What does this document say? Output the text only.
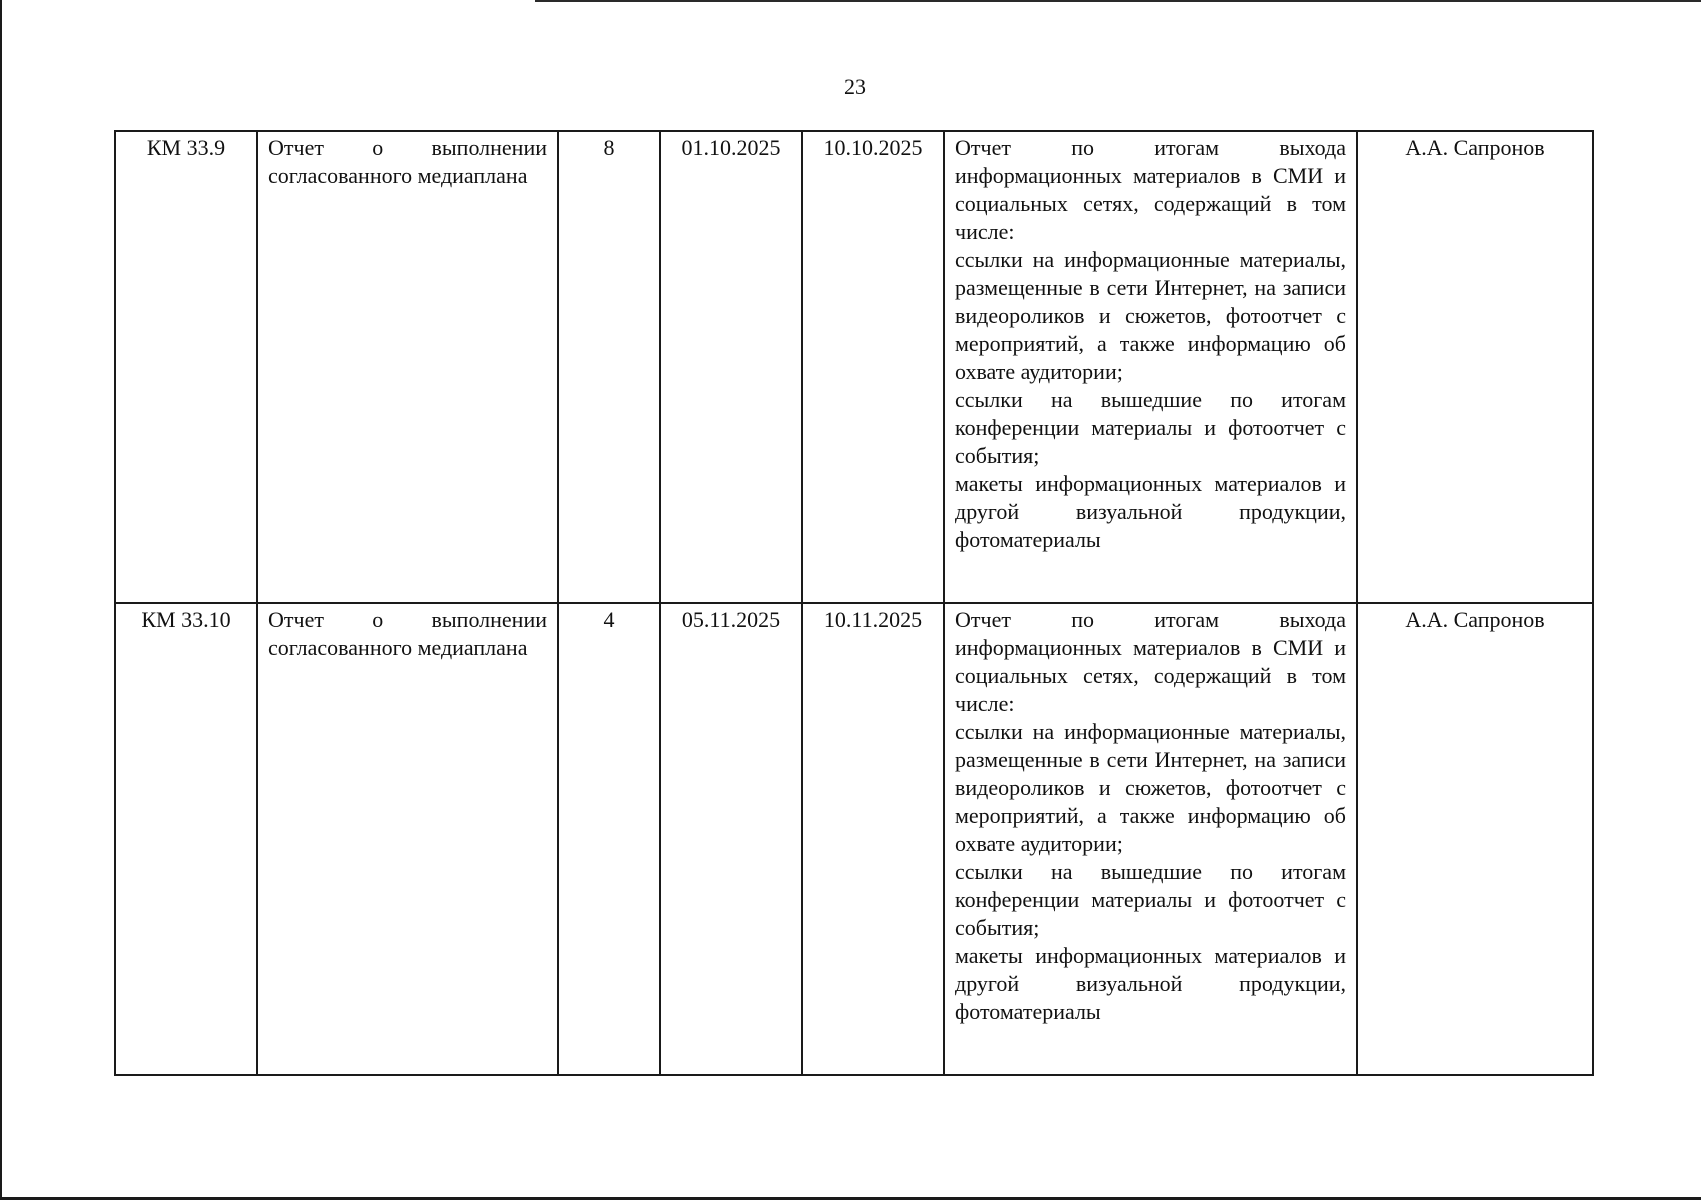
23
КМ 33.9	Отчет о выполнении согласованного медиаплана	8	01.10.2025	10.10.2025	Отчет по итогам выхода информационных материалов в СМИ и социальных сетях, содержащий в том числе:
ссылки на информационные материалы, размещенные в сети Интернет, на записи видеороликов и сюжетов, фотоотчет с мероприятий, а также информацию об охвате аудитории;
ссылки на вышедшие по итогам конференции материалы и фотоотчет с события;
макеты информационных материалов и другой визуальной продукции, фотоматериалы	А.А. Сапронов
КМ 33.10	Отчет о выполнении согласованного медиаплана	4	05.11.2025	10.11.2025	Отчет по итогам выхода информационных материалов в СМИ и социальных сетях, содержащий в том числе:
ссылки на информационные материалы, размещенные в сети Интернет, на записи видеороликов и сюжетов, фотоотчет с мероприятий, а также информацию об охвате аудитории;
ссылки на вышедшие по итогам конференции материалы и фотоотчет с события;
макеты информационных материалов и другой визуальной продукции, фотоматериалы	А.А. Сапронов
